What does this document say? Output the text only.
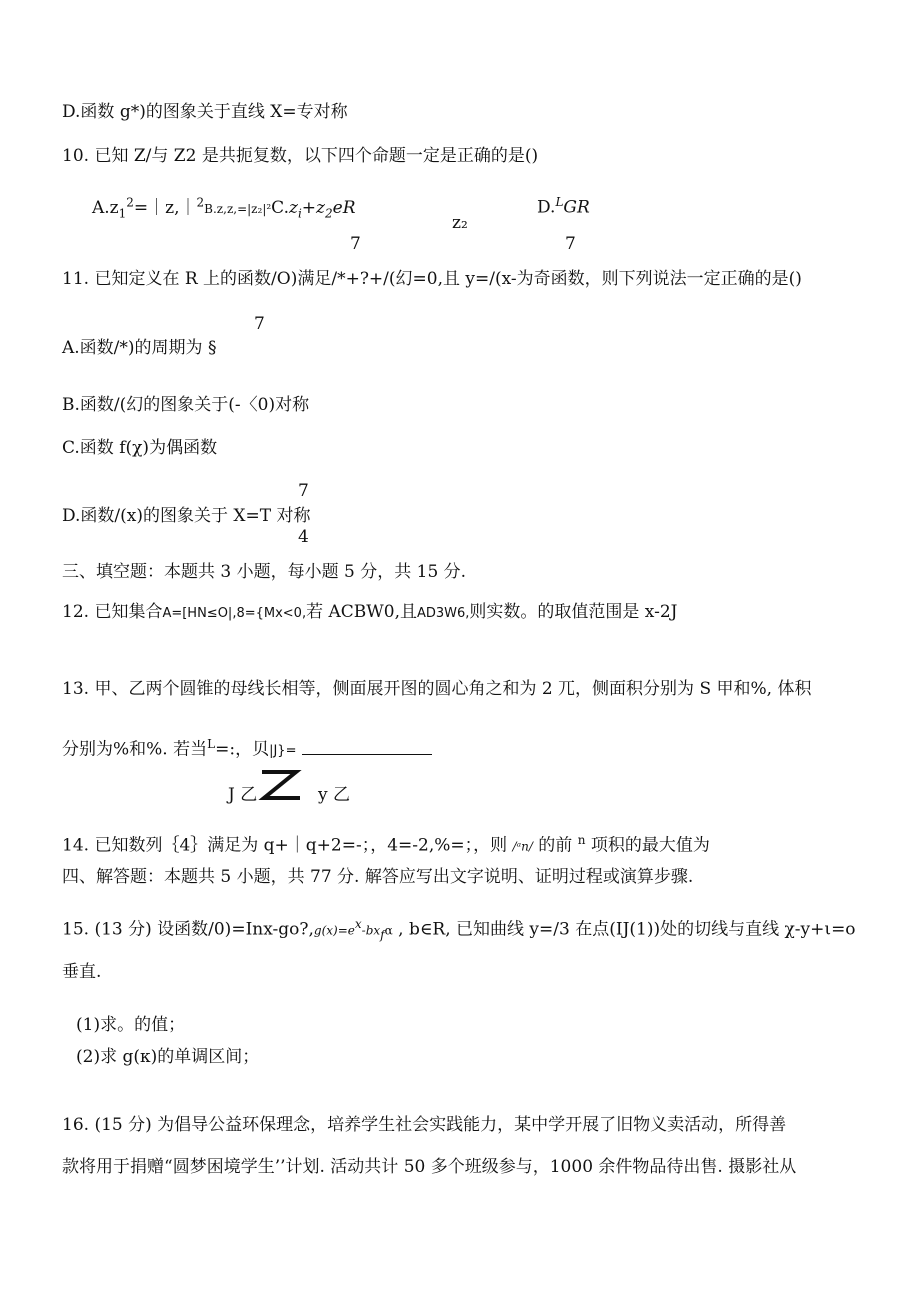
D.函数 g*)的图象关于直线 X=专对称
10. 已知 Z/与 Z2 是共扼复数，以下四个命题一定是正确的是()
$A.z_1^2=|z,|^2B.z,z,=|z_2|^2C.z_i+z_2eR$	D.$^L$GR
z₂
7	7
11. 已知定义在 R 上的函数/O)满足/*+?+/(幻=0,且 y=/(x-为奇函数，则下列说法一定正确的是()
7
A.函数/*)的周期为 §
B.函数/(幻的图象关于(-〈0)对称
C.函数 f(χ)为偶函数
7
D.函数/(x)的图象关于 X=T 对称
4
三、填空题：本题共 3 小题，每小题 5 分，共 15 分.
12. 已知集合A=[HN≤O|,8={Mx<0,若 ACBW0,且AD3W6,则实数。的取值范围是 x-2J
13. 甲、乙两个圆锥的母线长相等，侧面展开图的圆心角之和为 2 兀，侧面积分别为 S 甲和%, 体积
分别为%和%. 若当$^L$=:，贝|J}=
J 乙	y 乙
14. 已知数列｛4｝满足为 q+｜q+2=-；，4=-2,%=；，则 /ᵃn/ 的前 $^n$ 项积的最大值为
四、解答题：本题共 5 小题，共 77 分. 解答应写出文字说明、证明过程或演算步骤.
15. (13 分) 设函数$/0)=Inx-go?,g(x)=e^x-bx_f\alpha$ , b∈R, 已知曲线 y=/3 在点(IJ(1))处的切线与直线 χ-y+ι=o
垂直.
(1)求。的值；
(2)求 g(κ)的单调区间；
16. (15 分) 为倡导公益环保理念，培养学生社会实践能力，某中学开展了旧物义卖活动，所得善
款将用于捐赠“圆梦困境学生’’计划. 活动共计 50 多个班级参与，1000 余件物品待出售. 摄影社从
